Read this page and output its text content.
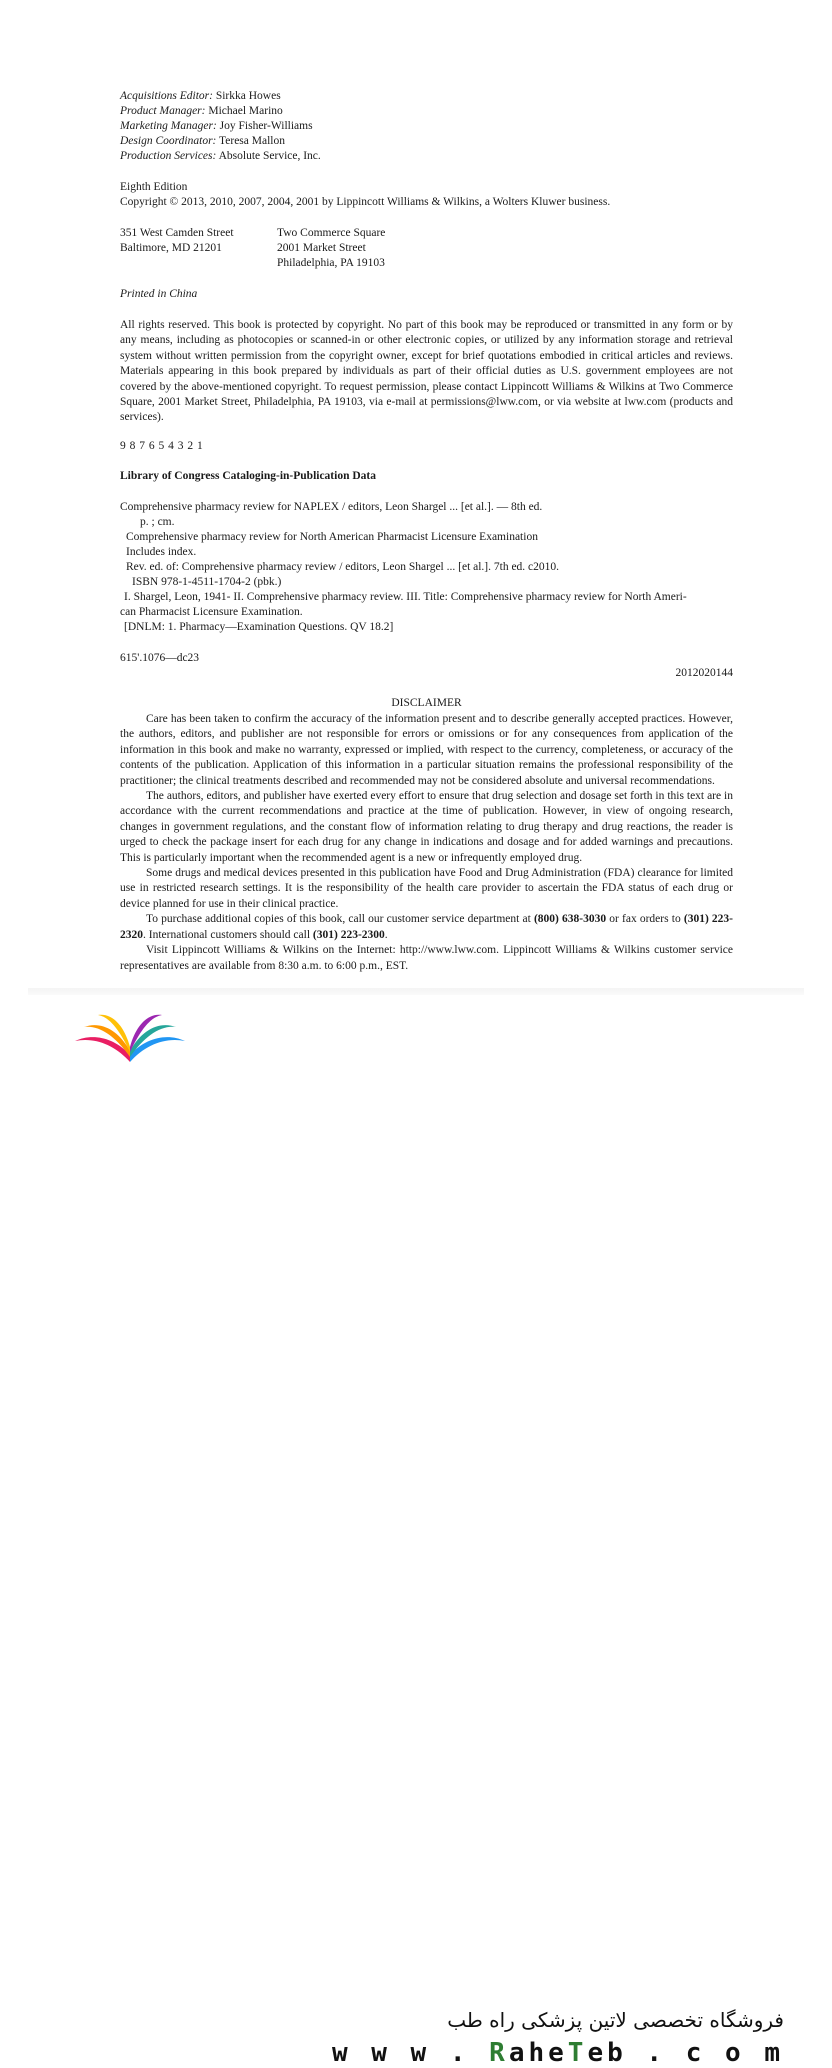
Acquisitions Editor: Sirkka Howes
Product Manager: Michael Marino
Marketing Manager: Joy Fisher-Williams
Design Coordinator: Teresa Mallon
Production Services: Absolute Service, Inc.
Eighth Edition
Copyright © 2013, 2010, 2007, 2004, 2001 by Lippincott Williams & Wilkins, a Wolters Kluwer business.
351 West Camden Street
Baltimore, MD 21201
Two Commerce Square
2001 Market Street
Philadelphia, PA 19103
Printed in China
All rights reserved. This book is protected by copyright. No part of this book may be reproduced or transmitted in any form or by any means, including as photocopies or scanned-in or other electronic copies, or utilized by any information storage and retrieval system without written permission from the copyright owner, except for brief quotations embodied in critical articles and reviews. Materials appearing in this book prepared by individuals as part of their official duties as U.S. government employees are not covered by the above-mentioned copyright. To request permission, please contact Lippincott Williams & Wilkins at Two Commerce Square, 2001 Market Street, Philadelphia, PA 19103, via e-mail at permissions@lww.com, or via website at lww.com (products and services).
9 8 7 6 5 4 3 2 1
Library of Congress Cataloging-in-Publication Data
Comprehensive pharmacy review for NAPLEX / editors, Leon Shargel ... [et al.]. — 8th ed.
p. ; cm.
Comprehensive pharmacy review for North American Pharmacist Licensure Examination
Includes index.
Rev. ed. of: Comprehensive pharmacy review / editors, Leon Shargel ... [et al.]. 7th ed. c2010.
ISBN 978-1-4511-1704-2 (pbk.)
I. Shargel, Leon, 1941- II. Comprehensive pharmacy review. III. Title: Comprehensive pharmacy review for North Ameri-
can Pharmacist Licensure Examination.
[DNLM: 1. Pharmacy—Examination Questions. QV 18.2]
615'.1076—dc23
2012020144
DISCLAIMER

Care has been taken to confirm the accuracy of the information present and to describe generally accepted practices. However, the authors, editors, and publisher are not responsible for errors or omissions or for any consequences from application of the information in this book and make no warranty, expressed or implied, with respect to the currency, completeness, or accuracy of the contents of the publication. Application of this information in a particular situation remains the professional responsibility of the practitioner; the clinical treatments described and recommended may not be considered absolute and universal recommendations.

The authors, editors, and publisher have exerted every effort to ensure that drug selection and dosage set forth in this text are in accordance with the current recommendations and practice at the time of publication. However, in view of ongoing research, changes in government regulations, and the constant flow of information relating to drug therapy and drug reactions, the reader is urged to check the package insert for each drug for any change in indications and dosage and for added warnings and precautions. This is particularly important when the recommended agent is a new or infrequently employed drug.

Some drugs and medical devices presented in this publication have Food and Drug Administration (FDA) clearance for limited use in restricted research settings. It is the responsibility of the health care provider to ascertain the FDA status of each drug or device planned for use in their clinical practice.

To purchase additional copies of this book, call our customer service department at (800) 638-3030 or fax orders to (301) 223-2320. International customers should call (301) 223-2300.

Visit Lippincott Williams & Wilkins on the Internet: http://www.lww.com. Lippincott Williams & Wilkins customer service representatives are available from 8:30 a.m. to 6:00 p.m., EST.

فروشگاه تخصصی لاتین پزشکی راه طب
w w w . RaheTeb . c o m
